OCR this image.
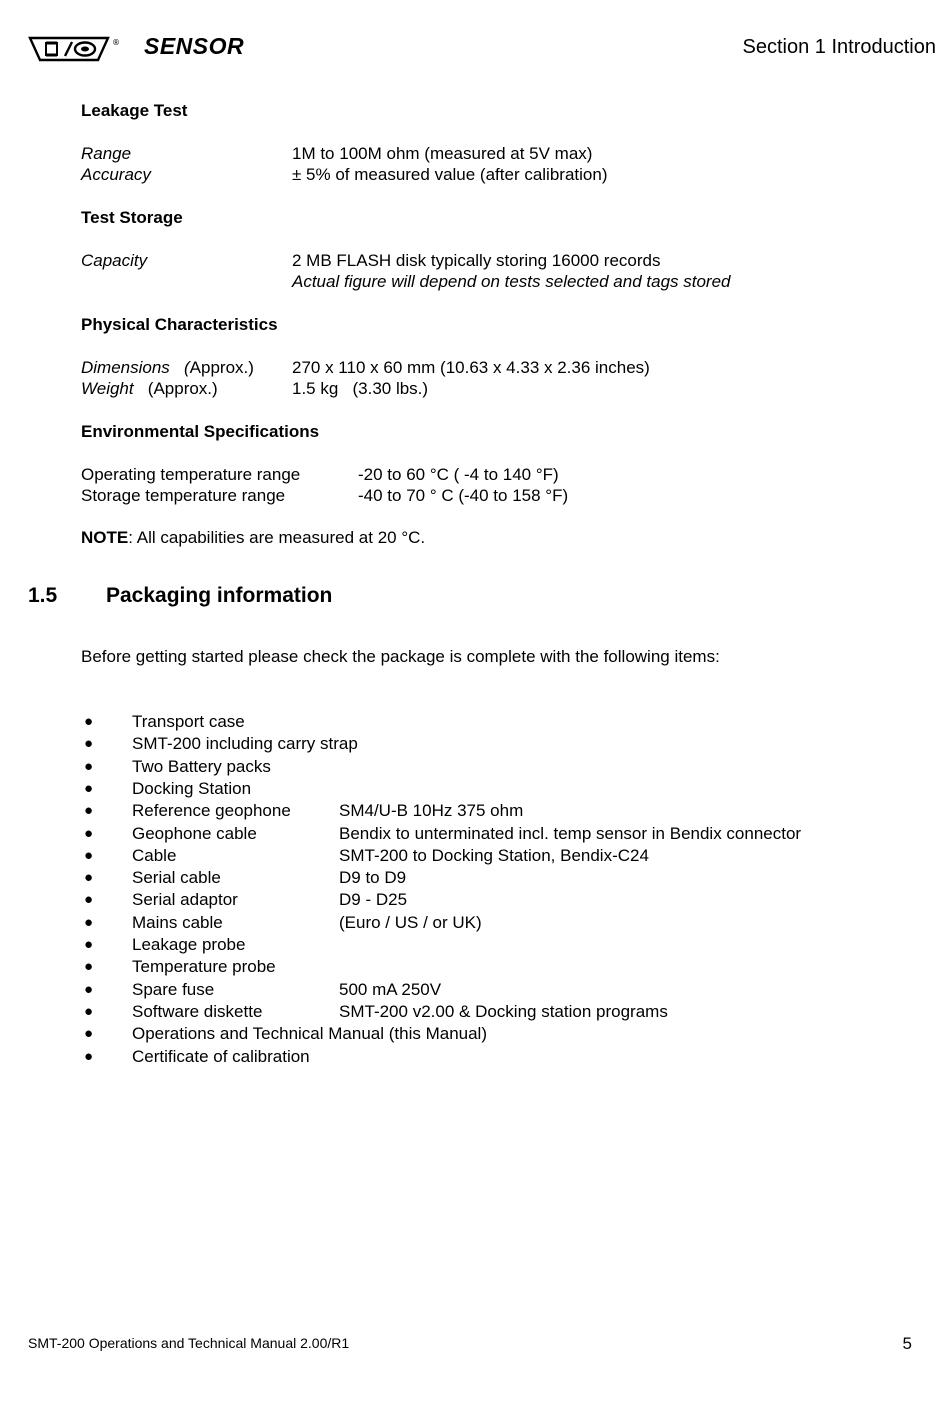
® SENSOR	Section 1 Introduction
Leakage Test
Range	1M to 100M ohm (measured at 5V max)
Accuracy	± 5% of measured value (after calibration)
Test Storage
Capacity	2 MB FLASH disk typically storing 16000 records
Actual figure will depend on tests selected and tags stored
Physical Characteristics
Dimensions (Approx.) 270 x 110 x 60 mm (10.63 x 4.33 x 2.36 inches)
Weight (Approx.)	1.5 kg   (3.30 lbs.)
Environmental Specifications
Operating temperature range	-20 to 60 °C ( -4 to 140 °F)
Storage temperature range	-40 to 70 ° C (-40 to 158 °F)
NOTE: All capabilities are measured at 20 °C.
1.5 Packaging information
Before getting started please check the package is complete with the following items:
● Transport case
● SMT-200 including carry strap
● Two Battery packs
● Docking Station
● Reference geophone	SM4/U-B 10Hz 375 ohm
● Geophone cable	Bendix to unterminated incl. temp sensor in Bendix connector
● Cable	SMT-200 to Docking Station, Bendix-C24
● Serial cable	D9 to D9
● Serial adaptor	D9 - D25
● Mains cable	(Euro / US / or UK)
● Leakage probe
● Temperature probe
● Spare fuse	500 mA 250V
● Software diskette	SMT-200 v2.00 & Docking station programs
● Operations and Technical Manual (this Manual)
● Certificate of calibration
SMT-200 Operations and Technical Manual 2.00/R1	5
